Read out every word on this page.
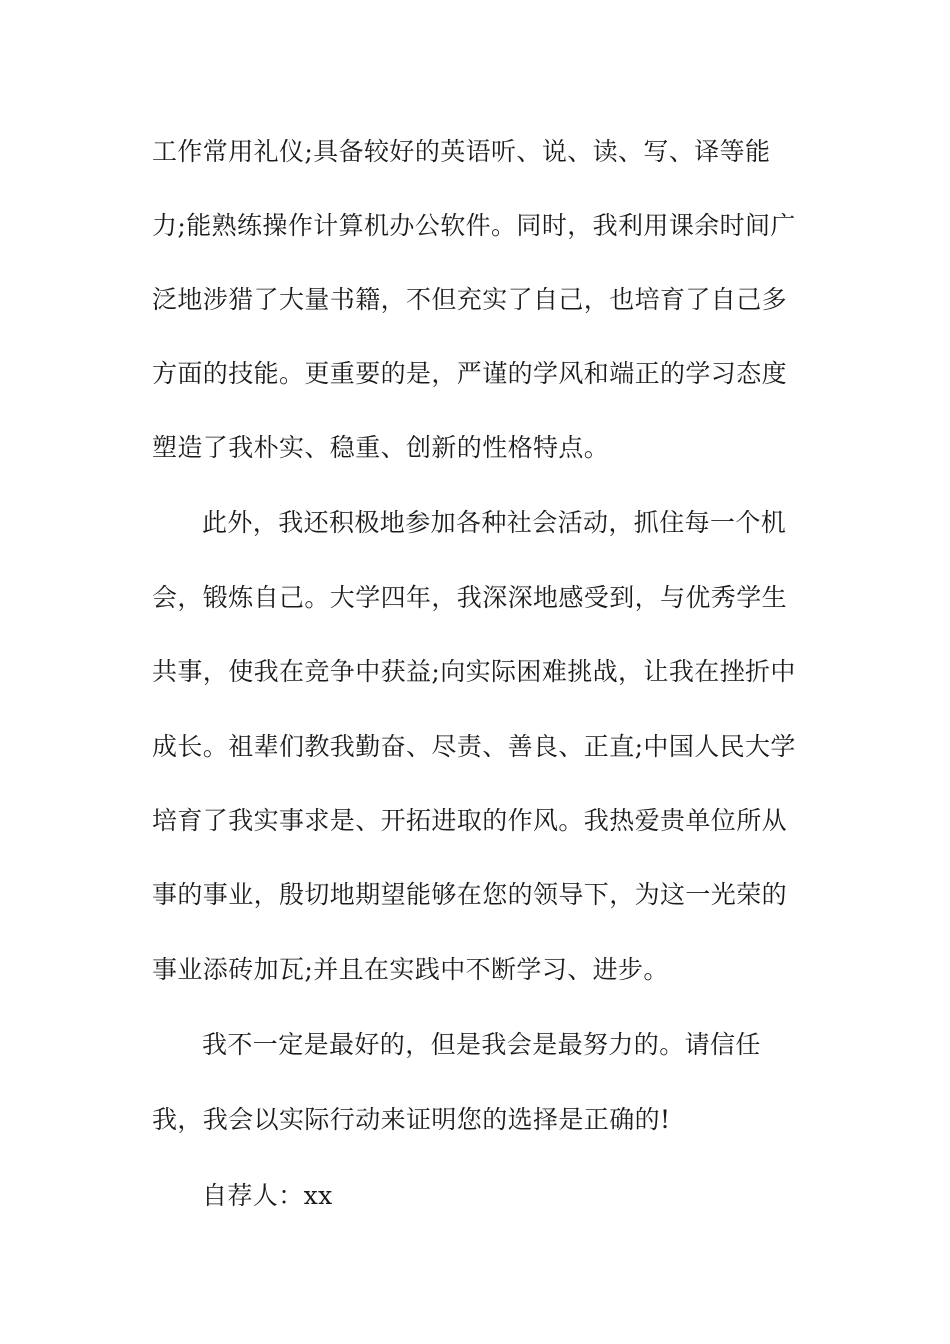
工作常用礼仪;具备较好的英语听、说、读、写、译等能
力;能熟练操作计算机办公软件。同时，我利用课余时间广
泛地涉猎了大量书籍，不但充实了自己，也培育了自己多
方面的技能。更重要的是，严谨的学风和端正的学习态度
塑造了我朴实、稳重、创新的性格特点。
此外，我还积极地参加各种社会活动，抓住每一个机
会，锻炼自己。大学四年，我深深地感受到，与优秀学生
共事，使我在竞争中获益;向实际困难挑战，让我在挫折中
成长。祖辈们教我勤奋、尽责、善良、正直;中国人民大学
培育了我实事求是、开拓进取的作风。我热爱贵单位所从
事的事业，殷切地期望能够在您的领导下，为这一光荣的
事业添砖加瓦;并且在实践中不断学习、进步。
我不一定是最好的，但是我会是最努力的。请信任
我，我会以实际行动来证明您的选择是正确的!
自荐人：xx
